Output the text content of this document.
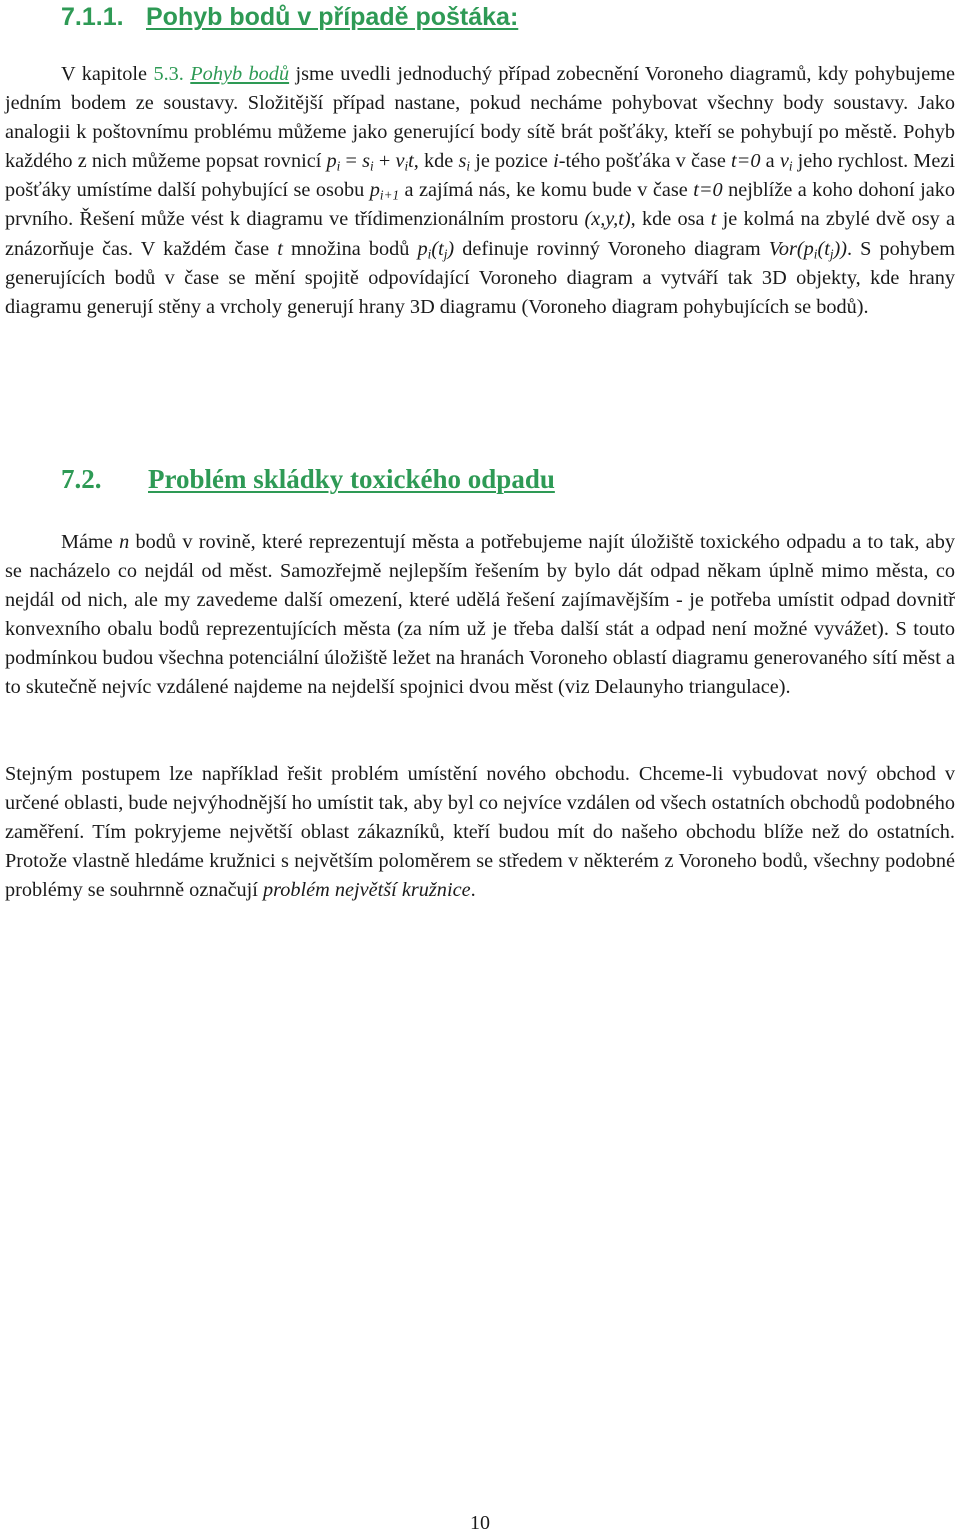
7.1.1. Pohyb bodů v případě poštáka:

V kapitole 5.3. Pohyb bodů jsme uvedli jednoduchý případ zobecnění Voroneho diagramů, kdy pohybujeme jedním bodem ze soustavy. Složitější případ nastane, pokud necháme pohybovat všechny body soustavy. Jako analogii k poštovnímu problému můžeme jako generující body sítě brát pošťáky, kteří se pohybují po městě. Pohyb každého z nich můžeme popsat rovnicí $p_i = s_i + v_it$, kde $s_i$ je pozice i-tého pošťáka v čase t=0 a $v_i$ jeho rychlost. Mezi pošťáky umístíme další pohybující se osobu $p_{i+1}$ a zajímá nás, ke komu bude v čase t=0 nejblíže a koho dohoní jako prvního. Řešení může vést k diagramu ve třídimenzionálním prostoru (x,y,t), kde osa t je kolmá na zbylé dvě osy a znázorňuje čas. V každém čase t množina bodů $p_i(t_j)$ definuje rovinný Voroneho diagram $Vor(p_i(t_j))$. S pohybem generujících bodů v čase se mění spojitě odpovídající Voroneho diagram a vytváří tak 3D objekty, kde hrany diagramu generují stěny a vrcholy generují hrany 3D diagramu (Voroneho diagram pohybujících se bodů).

7.2. Problém skládky toxického odpadu

Máme n bodů v rovině, které reprezentují města a potřebujeme najít úložiště toxického odpadu a to tak, aby se nacházelo co nejdál od měst. Samozřejmě nejlepším řešením by bylo dát odpad někam úplně mimo města, co nejdál od nich, ale my zavedeme další omezení, které udělá řešení zajímavějším - je potřeba umístit odpad dovnitř konvexního obalu bodů reprezentujících města (za ním už je třeba další stát a odpad není možné vyvážet). S touto podmínkou budou všechna potenciální úložiště ležet na hranách Voroneho oblastí diagramu generovaného sítí měst a to skutečně nejvíc vzdálené najdeme na nejdelší spojnici dvou měst (viz Delaunyho triangulace).

Stejným postupem lze například řešit problém umístění nového obchodu. Chceme-li vybudovat nový obchod v určené oblasti, bude nejvýhodnější ho umístit tak, aby byl co nejvíce vzdálen od všech ostatních obchodů podobného zaměření. Tím pokryjeme největší oblast zákazníků, kteří budou mít do našeho obchodu blíže než do ostatních. Protože vlastně hledáme kružnici s největším poloměrem se středem v některém z Voroneho bodů, všechny podobné problémy se souhrnně označují problém největší kružnice.

10
